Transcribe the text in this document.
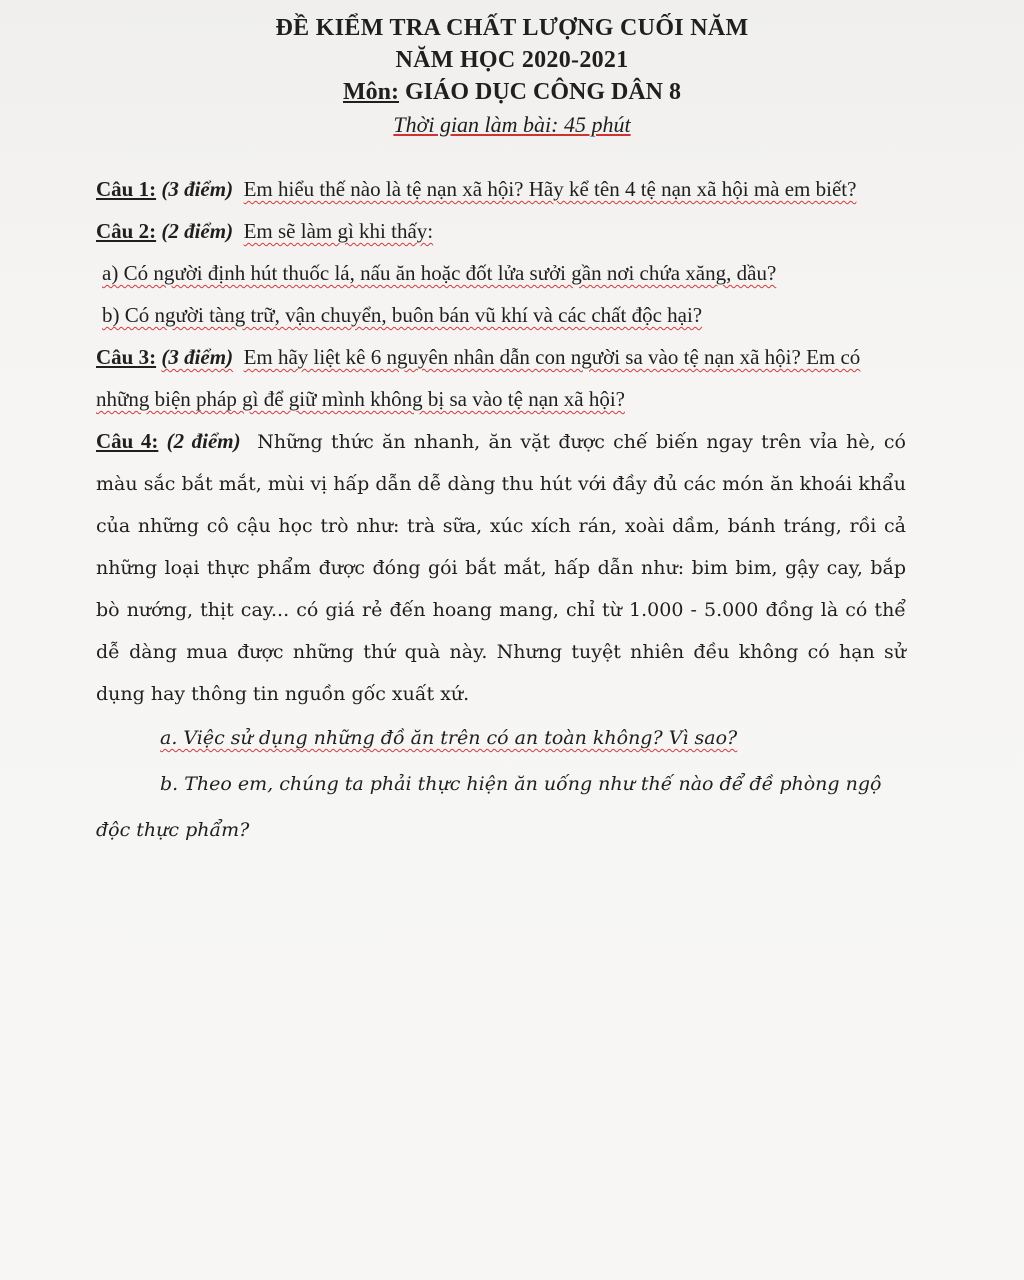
ĐỀ KIỂM TRA CHẤT LƯỢNG CUỐI NĂM
NĂM HỌC 2020-2021
Môn: GIÁO DỤC CÔNG DÂN 8
Thời gian làm bài: 45 phút

Câu 1: (3 điểm) Em hiểu thế nào là tệ nạn xã hội? Hãy kể tên 4 tệ nạn xã hội mà em biết?

Câu 2: (2 điểm) Em sẽ làm gì khi thấy:

a) Có người định hút thuốc lá, nấu ăn hoặc đốt lửa sưởi gần nơi chứa xăng, dầu?

b) Có người tàng trữ, vận chuyển, buôn bán vũ khí và các chất độc hại?

Câu 3: (3 điểm) Em hãy liệt kê 6 nguyên nhân dẫn con người sa vào tệ nạn xã hội? Em có những biện pháp gì để giữ mình không bị sa vào tệ nạn xã hội?

Câu 4: (2 điểm) Những thức ăn nhanh, ăn vặt được chế biến ngay trên vỉa hè, có màu sắc bắt mắt, mùi vị hấp dẫn dễ dàng thu hút với đầy đủ các món ăn khoái khẩu của những cô cậu học trò như: trà sữa, xúc xích rán, xoài dầm, bánh tráng, rồi cả những loại thực phẩm được đóng gói bắt mắt, hấp dẫn như: bim bim, gậy cay, bắp bò nướng, thịt cay... có giá rẻ đến hoang mang, chỉ từ 1.000 - 5.000 đồng là có thể dễ dàng mua được những thứ quà này. Nhưng tuyệt nhiên đều không có hạn sử dụng hay thông tin nguồn gốc xuất xứ.

a. Việc sử dụng những đồ ăn trên có an toàn không? Vì sao?

b. Theo em, chúng ta phải thực hiện ăn uống như thế nào để đề phòng ngộ độc thực phẩm?
